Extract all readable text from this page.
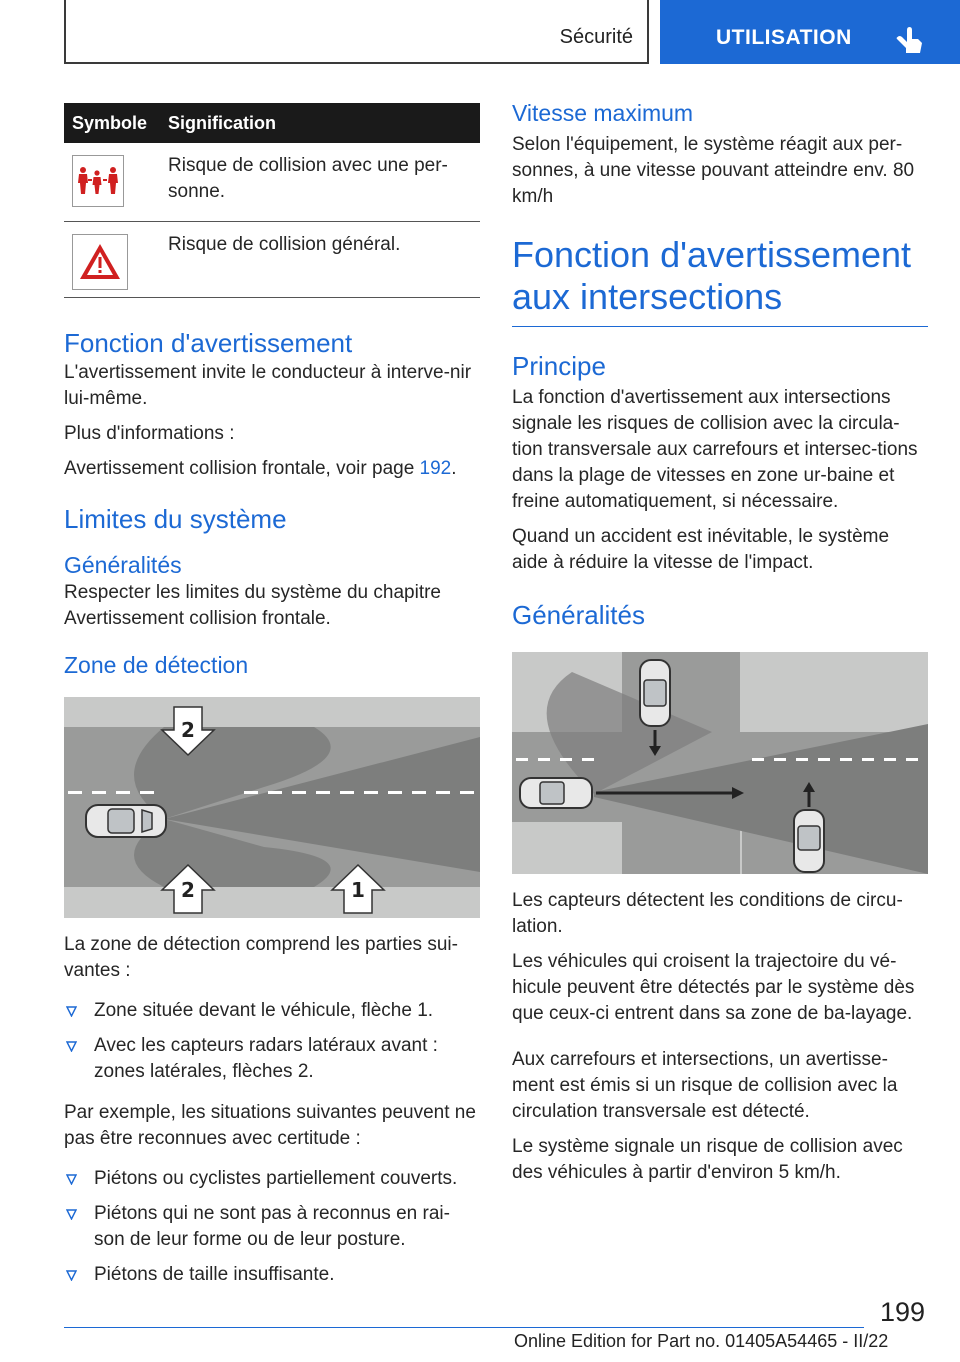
Sécurité	UTILISATION
Symbole	Signification

	Risque de collision avec une per-sonne.

	Risque de collision général.
Fonction d'avertissement

L'avertissement invite le conducteur à interve-nir lui-même.

Plus d'informations :

Avertissement collision frontale, voir page 192.

Limites du système
Généralités

Respecter les limites du système du chapitre Avertissement collision frontale.

Zone de détection
2
2	1

La zone de détection comprend les parties sui-vantes :

Zone située devant le véhicule, flèche 1.
Avec les capteurs radars latéraux avant : zones latérales, flèches 2.

Par exemple, les situations suivantes peuvent ne pas être reconnues avec certitude :

Piétons ou cyclistes partiellement couverts.
Piétons qui ne sont pas à reconnus en rai-son de leur forme ou de leur posture.
Piétons de taille insuffisante.
Vitesse maximum

Selon l'équipement, le système réagit aux per-sonnes, à une vitesse pouvant atteindre env. 80 km/h

Fonction d'avertissement aux intersections
Principe

La fonction d'avertissement aux intersections signale les risques de collision avec la circula-tion transversale aux carrefours et intersec-tions dans la plage de vitesses en zone ur-baine et freine automatiquement, si nécessaire.

Quand un accident est inévitable, le système aide à réduire la vitesse de l'impact.

Généralités

Les capteurs détectent les conditions de circu-lation.

Les véhicules qui croisent la trajectoire du vé-hicule peuvent être détectés par le système dès que ceux-ci entrent dans sa zone de ba-layage.

Aux carrefours et intersections, un avertisse-ment est émis si un risque de collision avec la circulation transversale est détecté.

Le système signale un risque de collision avec des véhicules à partir d'environ 5 km/h.

199
Online Edition for Part no. 01405A54465 - II/22
